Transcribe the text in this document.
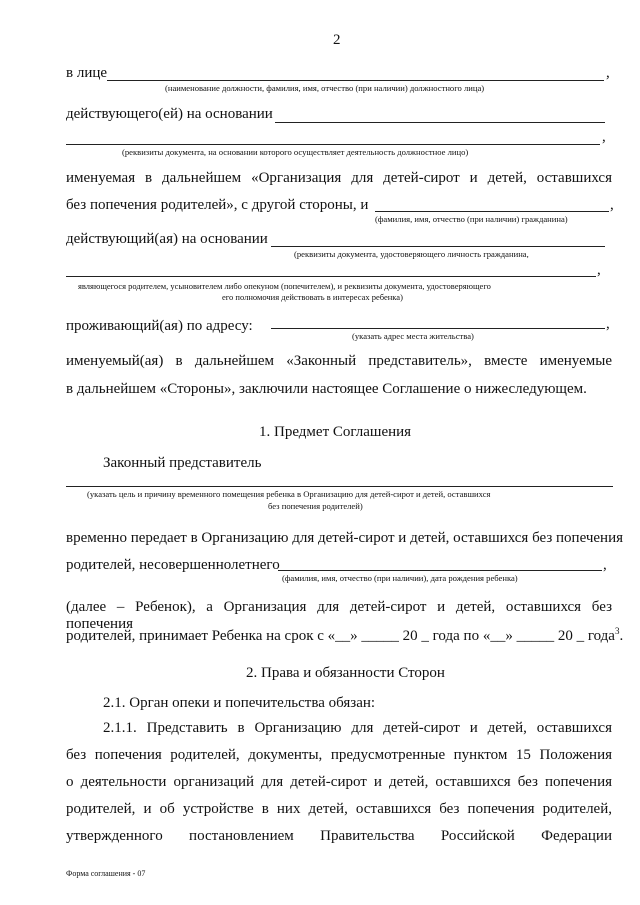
2
в лице	,
(наименование должности, фамилия, имя, отчество (при наличии) должностного лица)
действующего(ей) на основании
,
(реквизиты документа, на основании которого осуществляет деятельность должностное лицо)
именуемая в дальнейшем «Организация для детей-сирот и детей, оставшихся
без попечения родителей», с другой стороны, и	,
(фамилия, имя, отчество (при наличии) гражданина)
действующий(ая) на основании
(реквизиты документа, удостоверяющего личность гражданина,
,
являющегося родителем, усыновителем либо опекуном (попечителем), и реквизиты документа, удостоверяющего
его полномочия действовать в интересах ребенка)
проживающий(ая) по адресу:	,
(указать адрес места жительства)
именуемый(ая) в дальнейшем «Законный представитель», вместе именуемые
в дальнейшем «Стороны», заключили настоящее Соглашение о нижеследующем.
1. Предмет Соглашения
Законный представитель
(указать цель и причину временного помещения ребенка в Организацию для детей-сирот и детей, оставшихся
без попечения родителей)
временно передает в Организацию для детей-сирот и детей, оставшихся без попечения
родителей, несовершеннолетнего	,
(фамилия, имя, отчество (при наличии), дата рождения ребенка)
(далее – Ребенок), а Организация для детей-сирот и детей, оставшихся без попечения
родителей, принимает Ребенка на срок с «__» _____ 20 _ года по «__» _____ 20 _ года$^3$.
2. Права и обязанности Сторон
2.1. Орган опеки и попечительства обязан:
2.1.1. Представить в Организацию для детей-сирот и детей, оставшихся
без попечения родителей, документы, предусмотренные пунктом 15 Положения
о деятельности организаций для детей-сирот и детей, оставшихся без попечения
родителей, и об устройстве в них детей, оставшихся без попечения родителей,
утвержденного постановлением Правительства Российской Федерации
Форма соглашения - 07
